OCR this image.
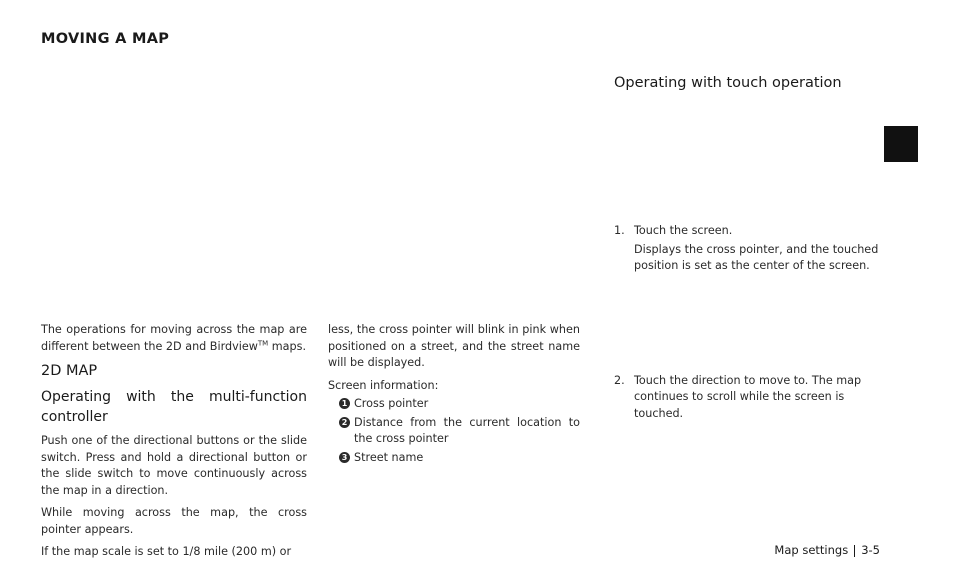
MOVING A MAP

The operations for moving across the map are different between the 2D and Birdview™ maps.

2D MAP
Operating with the multi-function controller

Push one of the directional buttons or the slide switch. Press and hold a directional button or the slide switch to move continuously across the map in a direction.

While moving across the map, the cross pointer appears.

If the map scale is set to 1/8 mile (200 m) or

less, the cross pointer will blink in pink when positioned on a street, and the street name will be displayed.

Screen information:

1 Cross pointer
2 Distance from the current location to the cross pointer
3 Street name
Operating with touch operation
1. Touch the screen.
Displays the cross pointer, and the touched position is set as the center of the screen.
2. Touch the direction to move to. The map continues to scroll while the screen is touched.
Map settings 3-5
